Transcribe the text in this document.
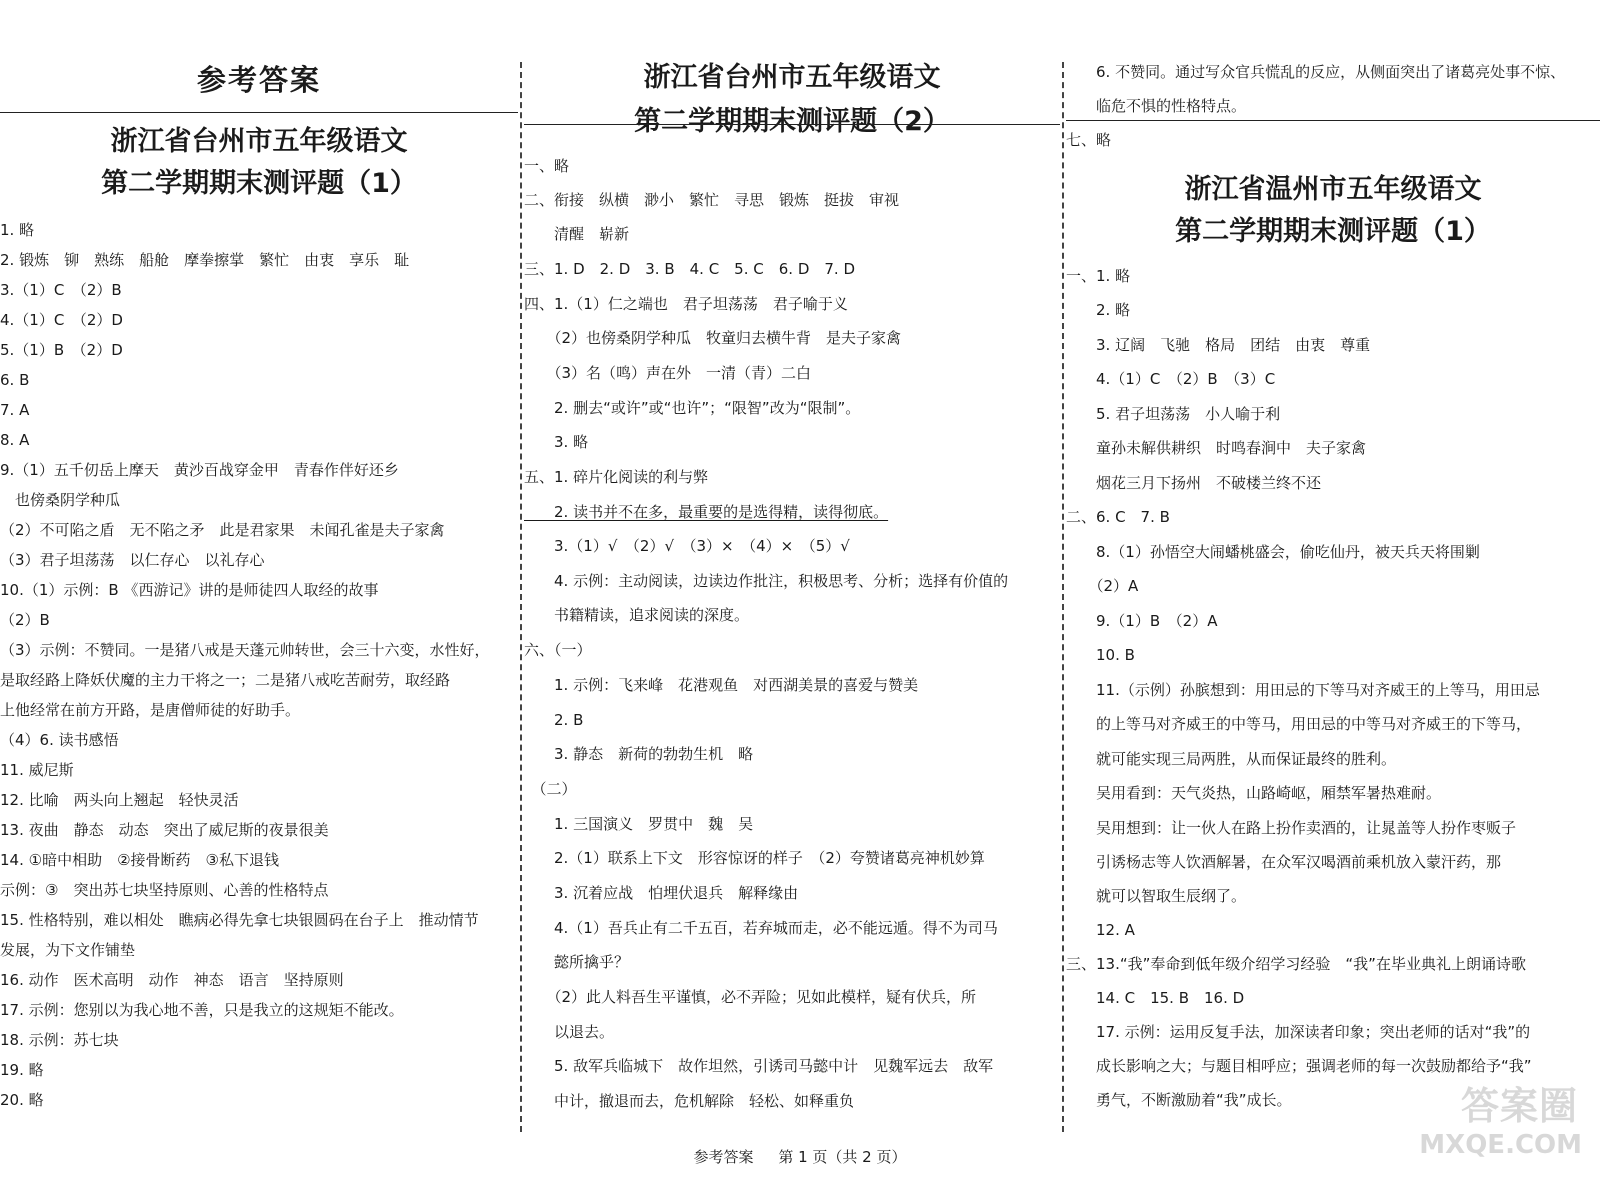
参考答案
浙江省台州市五年级语文
第二学期期末测评题（1）
1. 略
2. 锻炼　铆　熟练　船舱　摩拳擦掌　繁忙　由衷　享乐　耻
3.（1）C　（2）B
4.（1）C　（2）D
5.（1）B　（2）D
6. B
7. A
8. A
9.（1）五千仞岳上摩天　黄沙百战穿金甲　青春作伴好还乡
　也傍桑阴学种瓜
（2）不可陷之盾　无不陷之矛　此是君家果　未闻孔雀是夫子家禽
（3）君子坦荡荡　以仁存心　以礼存心
10.（1）示例：B 《西游记》讲的是师徒四人取经的故事
（2）B
（3）示例：不赞同。一是猪八戒是天蓬元帅转世，会三十六变，水性好，
是取经路上降妖伏魔的主力干将之一；二是猪八戒吃苦耐劳，取经路
上他经常在前方开路，是唐僧师徒的好助手。
（4）6. 读书感悟
11. 威尼斯
12. 比喻　两头向上翘起　轻快灵活
13. 夜曲　静态　动态　突出了威尼斯的夜景很美
14. ①暗中相助　②接骨断药　③私下退钱
示例：③　突出苏七块坚持原则、心善的性格特点
15. 性格特别，难以相处　瞧病必得先拿七块银圆码在台子上　推动情节
发展，为下文作铺垫
16. 动作　医术高明　动作　神态　语言　坚持原则
17. 示例：您别以为我心地不善，只是我立的这规矩不能改。
18. 示例：苏七块
19. 略
20. 略
浙江省台州市五年级语文
第二学期期末测评题（2）
一、略
二、衔接　纵横　渺小　繁忙　寻思　锻炼　挺拔　审视
　　清醒　崭新
三、1. D　2. D　3. B　4. C　5. C　6. D　7. D
四、1.（1）仁之端也　君子坦荡荡　君子喻于义
　　（2）也傍桑阴学种瓜　牧童归去横牛背　是夫子家禽
　　（3）名（鸣）声在外　一清（青）二白
　　2. 删去“或许”或“也许”；“限智”改为“限制”。
　　3. 略
五、1. 碎片化阅读的利与弊
　　2. 读书并不在多，最重要的是选得精，读得彻底。
　　3.（1）√　（2）√　（3）×　（4）×　（5）√
　　4. 示例：主动阅读，边读边作批注，积极思考、分析；选择有价值的
　　书籍精读，追求阅读的深度。
六、（一）
　　1. 示例：飞来峰　花港观鱼　对西湖美景的喜爱与赞美
　　2. B
　　3. 静态　新荷的勃勃生机　略
　（二）
　　1. 三国演义　罗贯中　魏　吴
　　2.（1）联系上下文　形容惊讶的样子　（2）夸赞诸葛亮神机妙算
　　3. 沉着应战　怕埋伏退兵　解释缘由
　　4.（1）吾兵止有二千五百，若弃城而走，必不能远遁。得不为司马
　　懿所擒乎？
　　（2）此人料吾生平谨慎，必不弄险；见如此模样，疑有伏兵，所
　　以退去。
　　5. 敌军兵临城下　故作坦然，引诱司马懿中计　见魏军远去　敌军
　　中计，撤退而去，危机解除　轻松、如释重负
　　6. 不赞同。通过写众官兵慌乱的反应，从侧面突出了诸葛亮处事不惊、
　　临危不惧的性格特点。
七、略
浙江省温州市五年级语文
第二学期期末测评题（1）
一、1. 略
　　2. 略
　　3. 辽阔　飞驰　格局　团结　由衷　尊重
　　4.（1）C　（2）B　（3）C
　　5. 君子坦荡荡　小人喻于利
　　童孙未解供耕织　时鸣春涧中　夫子家禽
　　烟花三月下扬州　不破楼兰终不还
二、6. C　7. B
　　8.（1）孙悟空大闹蟠桃盛会，偷吃仙丹，被天兵天将围剿
　　（2）A
　　9.（1）B　（2）A
　　10. B
　　11.（示例）孙膑想到：用田忌的下等马对齐威王的上等马，用田忌
　　的上等马对齐威王的中等马，用田忌的中等马对齐威王的下等马，
　　就可能实现三局两胜，从而保证最终的胜利。
　　吴用看到：天气炎热，山路崎岖，厢禁军暑热难耐。
　　吴用想到：让一伙人在路上扮作卖酒的，让晁盖等人扮作枣贩子
　　引诱杨志等人饮酒解暑，在众军汉喝酒前乘机放入蒙汗药，那
　　就可以智取生辰纲了。
　　12. A
三、13.“我”奉命到低年级介绍学习经验　“我”在毕业典礼上朗诵诗歌
　　14. C　15. B　16. D
　　17. 示例：运用反复手法，加深读者印象；突出老师的话对“我”的
　　成长影响之大；与题目相呼应；强调老师的每一次鼓励都给予“我”
　　勇气，不断激励着“我”成长。
参考答案 第 1 页（共 2 页）
答案圈
MXQE.COM
